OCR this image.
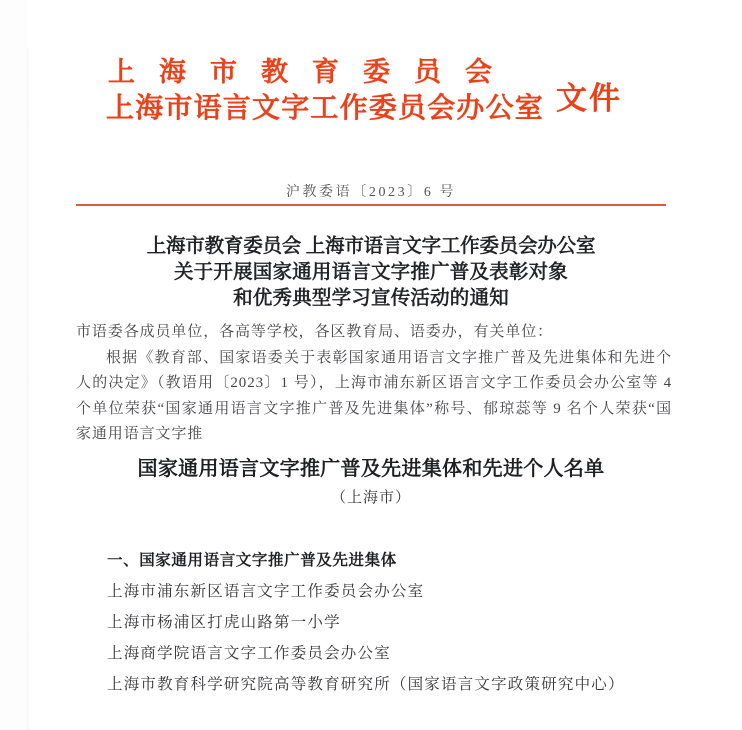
上海市教育委员会
上海市语言文字工作委员会办公室 文件
沪教委语〔2023〕6 号
上海市教育委员会 上海市语言文字工作委员会办公室
关于开展国家通用语言文字推广普及表彰对象
和优秀典型学习宣传活动的通知

市语委各成员单位，各高等学校，各区教育局、语委办，有关单位：

根据《教育部、国家语委关于表彰国家通用语言文字推广普及先进集体和先进个人的决定》（教语用〔2023〕1 号），上海市浦东新区语言文字工作委员会办公室等 4 个单位荣获“国家通用语言文字推广普及先进集体”称号、郁琼蕊等 9 名个人荣获“国家通用语言文字推

国家通用语言文字推广普及先进集体和先进个人名单
（上海市）
一、国家通用语言文字推广普及先进集体
上海市浦东新区语言文字工作委员会办公室
上海市杨浦区打虎山路第一小学
上海商学院语言文字工作委员会办公室
上海市教育科学研究院高等教育研究所（国家语言文字政策研究中心）
